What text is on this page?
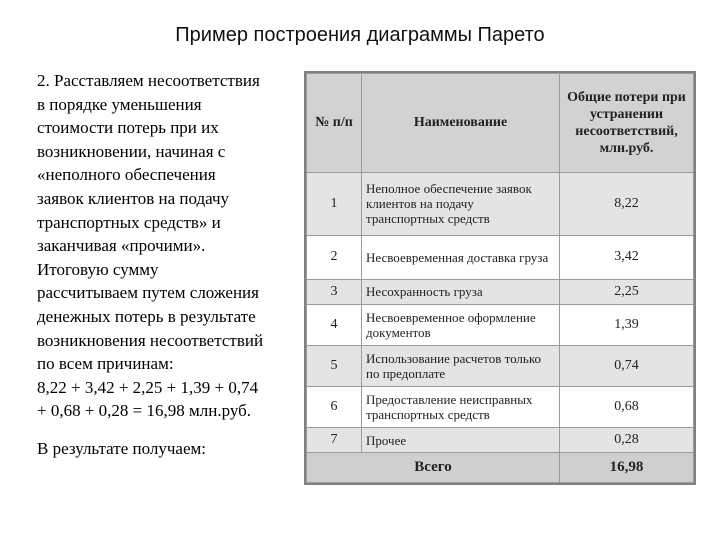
Пример построения диаграммы Парето
2. Расставляем несоответствия
в порядке уменьшения
стоимости потерь при их
возникновении, начиная с
«неполного обеспечения
заявок клиентов на подачу
транспортных средств» и
заканчивая «прочими».
Итоговую сумму
рассчитываем путем сложения
денежных потерь в результате
возникновения несоответствий
по всем причинам:
8,22 + 3,42 + 2,25 + 1,39 + 0,74
+ 0,68 + 0,28 = 16,98 млн.руб.
В результате получаем:
№ п/п	Наименование	Общие потери при устранении несоответствий, млн.руб.
1	Неполное обеспечение заявок клиентов на подачу транспортных средств	8,22
2	Несвоевременная доставка груза	3,42
3	Несохранность груза	2,25
4	Несвоевременное оформление документов	1,39
5	Использование расчетов только по предоплате	0,74
6	Предоставление неисправных транспортных средств	0,68
7	Прочее	0,28
Всего		16,98
